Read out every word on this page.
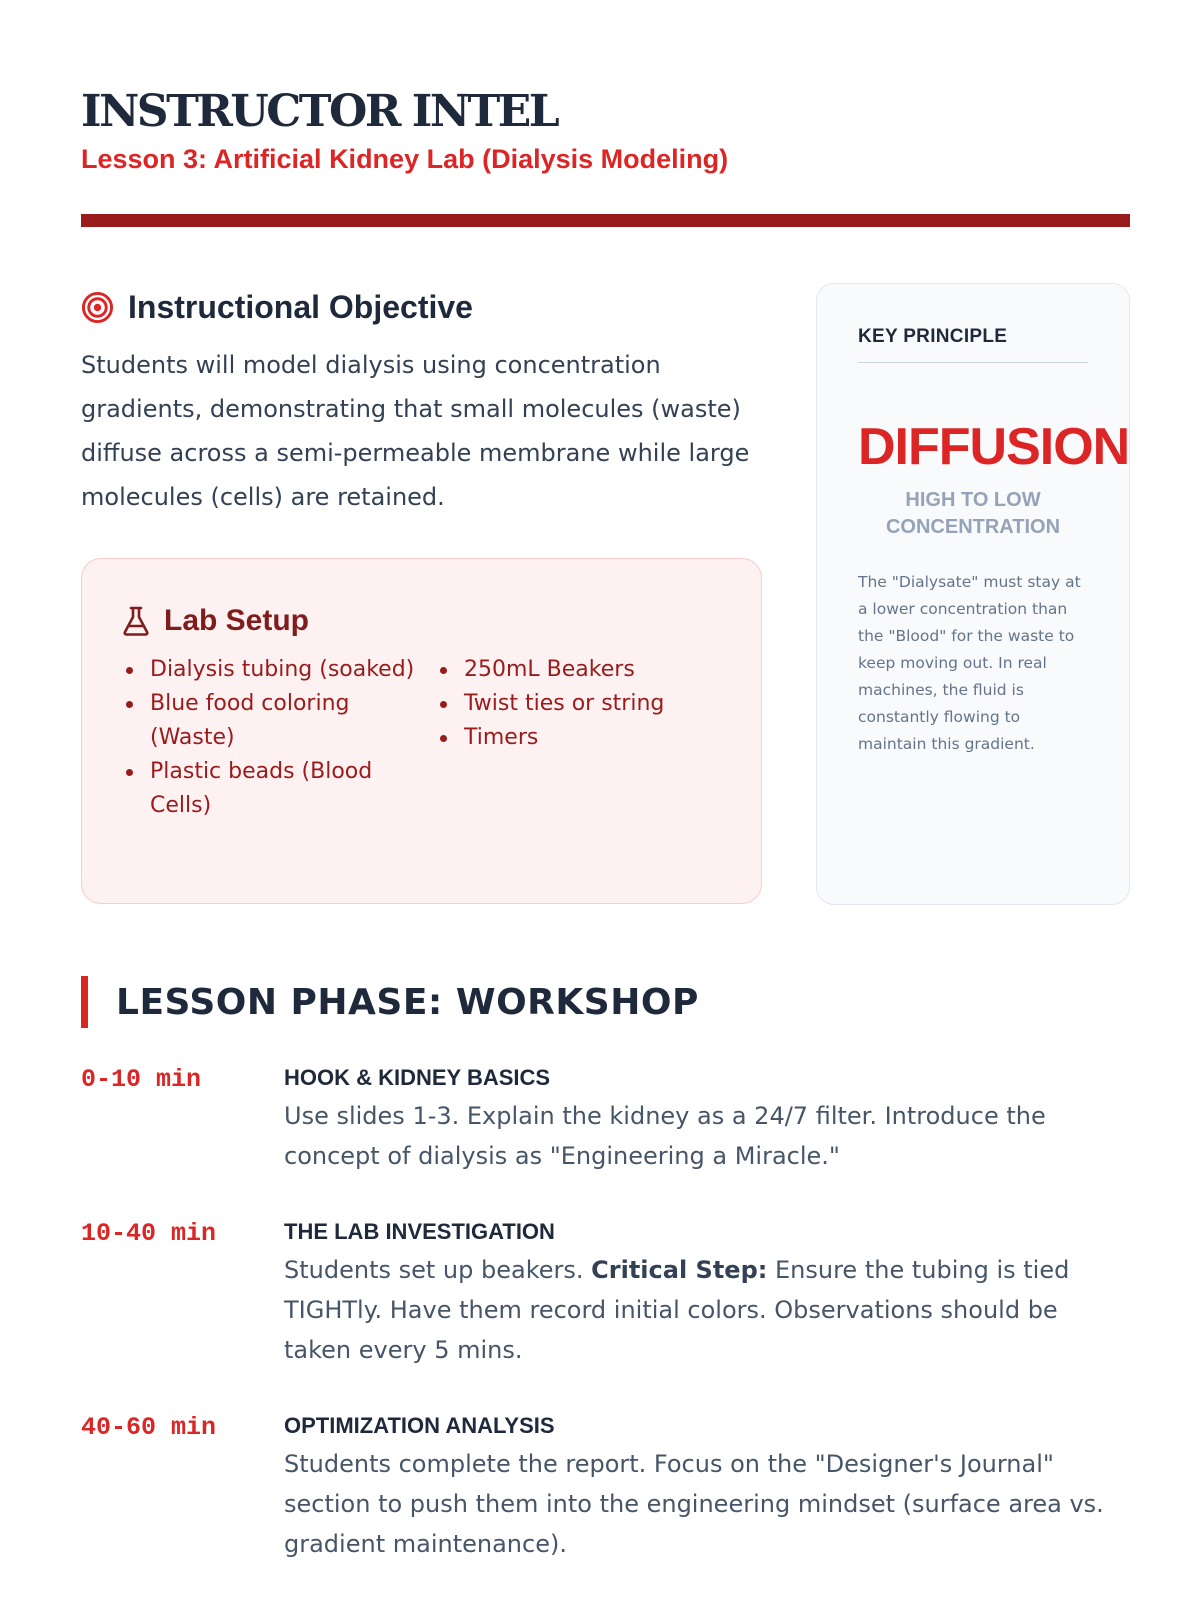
INSTRUCTOR INTEL
Lesson 3: Artificial Kidney Lab (Dialysis Modeling)
Instructional Objective

Students will model dialysis using concentration gradients, demonstrating that small molecules (waste) diffuse across a semi-permeable membrane while large molecules (cells) are retained.

Lab Setup
Dialysis tubing (soaked)
Blue food coloring (Waste)
Plastic beads (Blood Cells)
250mL Beakers
Twist ties or string
Timers
KEY PRINCIPLE
DIFFUSION
HIGH TO LOW CONCENTRATION

The "Dialysate" must stay at a lower concentration than the "Blood" for the waste to keep moving out. In real machines, the fluid is constantly flowing to maintain this gradient.

LESSON PHASE: WORKSHOP
0-10 min	HOOK & KIDNEY BASICS

Use slides 1-3. Explain the kidney as a 24/7 filter. Introduce the concept of dialysis as "Engineering a Miracle."

10-40 min	THE LAB INVESTIGATION

Students set up beakers. Critical Step: Ensure the tubing is tied TIGHTly. Have them record initial colors. Observations should be taken every 5 mins.

40-60 min	OPTIMIZATION ANALYSIS

Students complete the report. Focus on the "Designer's Journal" section to push them into the engineering mindset (surface area vs. gradient maintenance).
